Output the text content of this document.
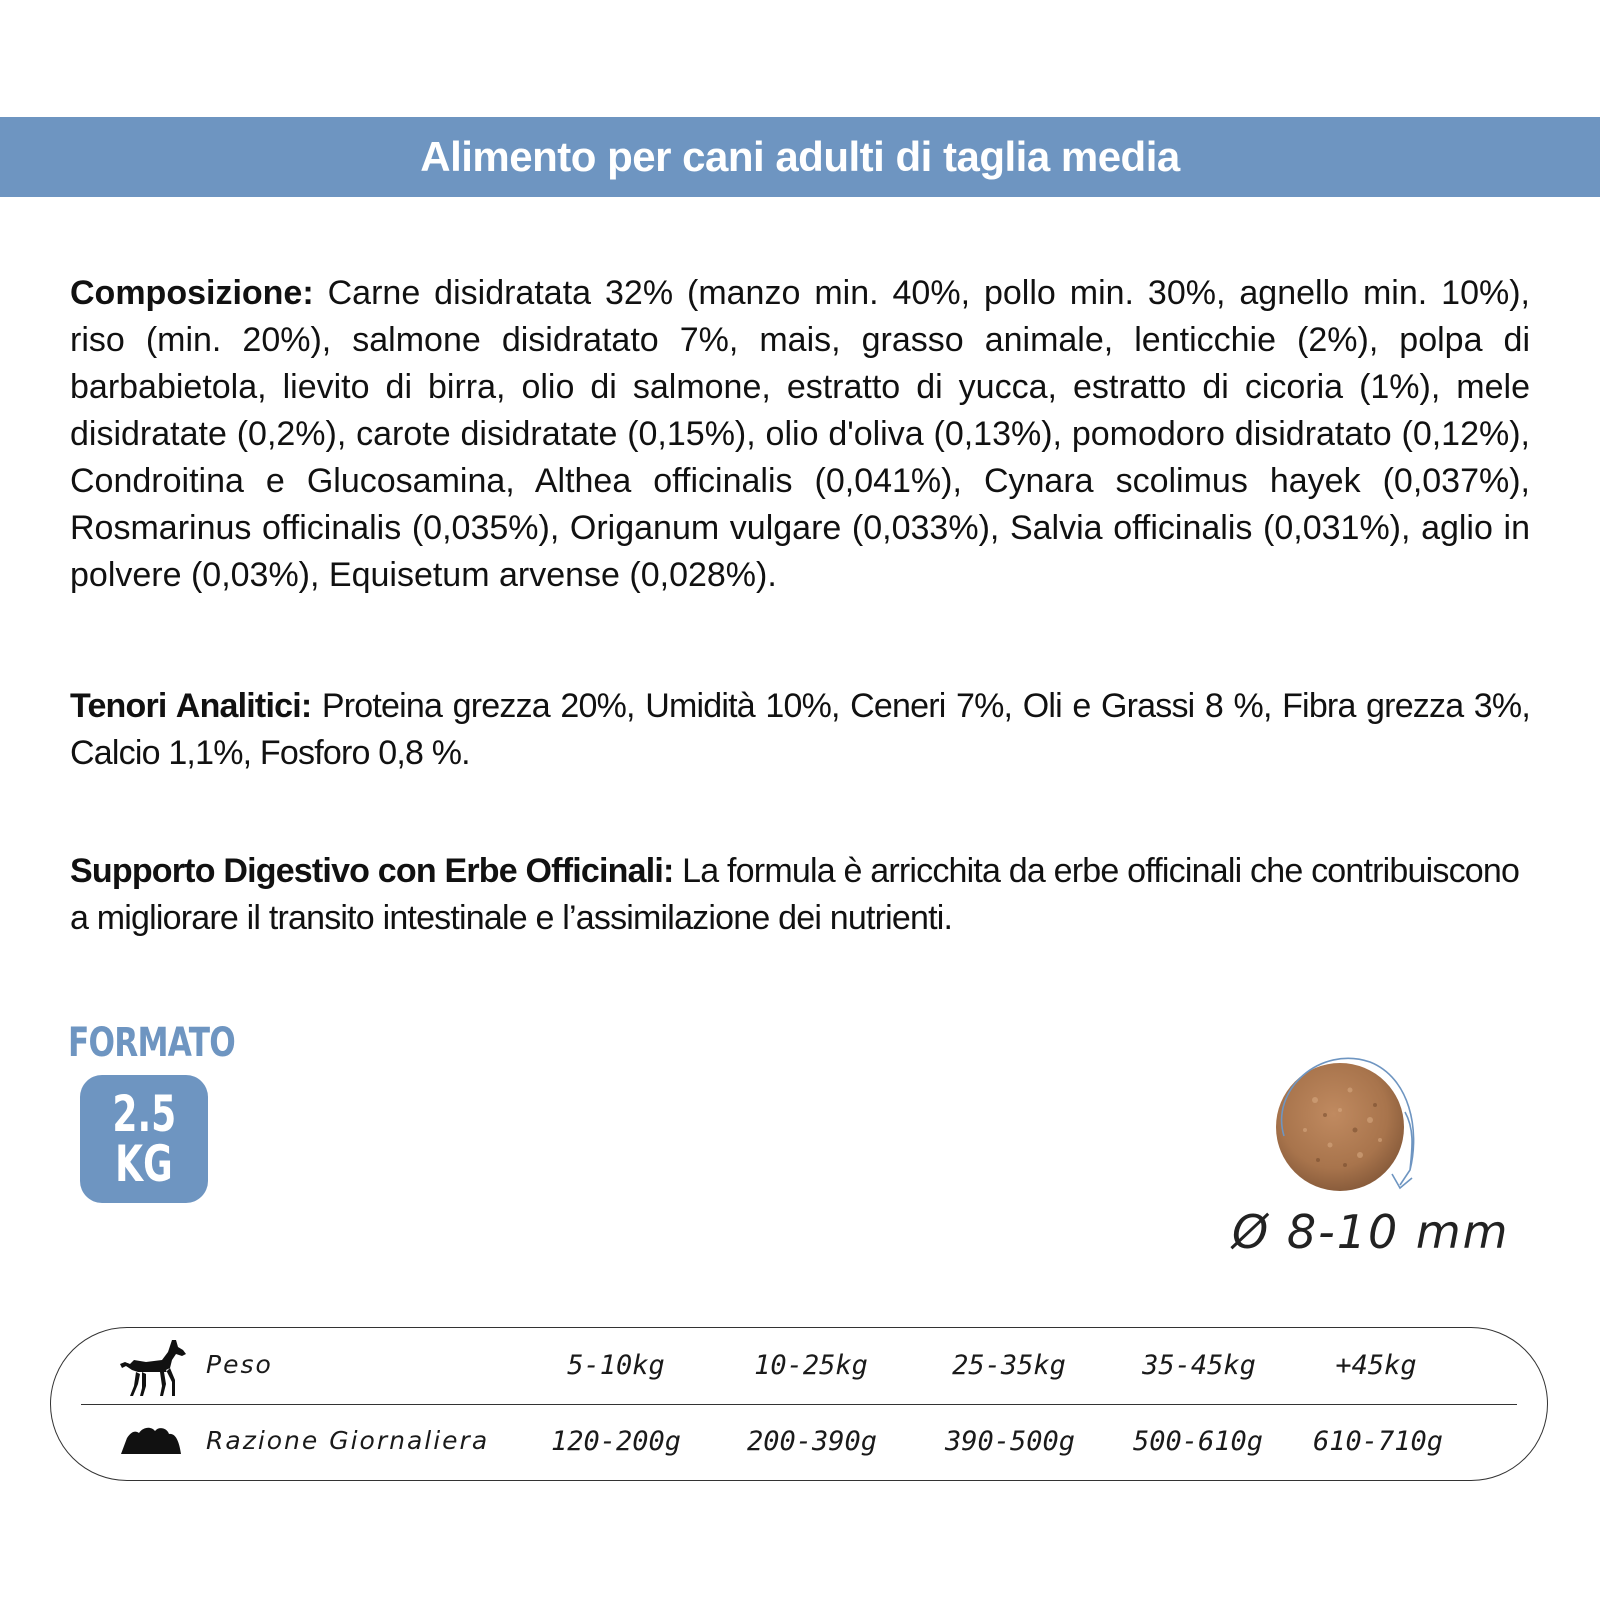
Alimento per cani adulti di taglia media

Composizione: Carne disidratata 32% (manzo min. 40%, pollo min. 30%, agnello min. 10%), riso (min. 20%), salmone disidratato 7%, mais, grasso animale, lenticchie (2%), polpa di barbabietola, lievito di birra, olio di salmone, estratto di yucca, estratto di cicoria (1%), mele disidratate (0,2%), carote disidratate (0,15%), olio d'oliva (0,13%), pomodoro disidratato (0,12%), Condroitina e Glucosamina, Althea officinalis (0,041%), Cynara scolimus hayek (0,037%), Rosmarinus officinalis (0,035%), Origanum vulgare (0,033%), Salvia officinalis (0,031%), aglio in polvere (0,03%), Equisetum arvense (0,028%).

Tenori Analitici: Proteina grezza 20%, Umidità 10%, Ceneri 7%, Oli e Grassi 8 %, Fibra grezza 3%, Calcio 1,1%, Fosforo 0,8 %.

Supporto Digestivo con Erbe Officinali: La formula è arricchita da erbe officinali che contribuiscono a migliorare il transito intestinale e l’assimilazione dei nutrienti.

FORMATO
2.5
KG
Ø 8-10 mm
Peso	5-10kg	10-25kg	25-35kg	35-45kg	+45kg
Razione Giornaliera	120-200g	200-390g	390-500g	500-610g	610-710g
